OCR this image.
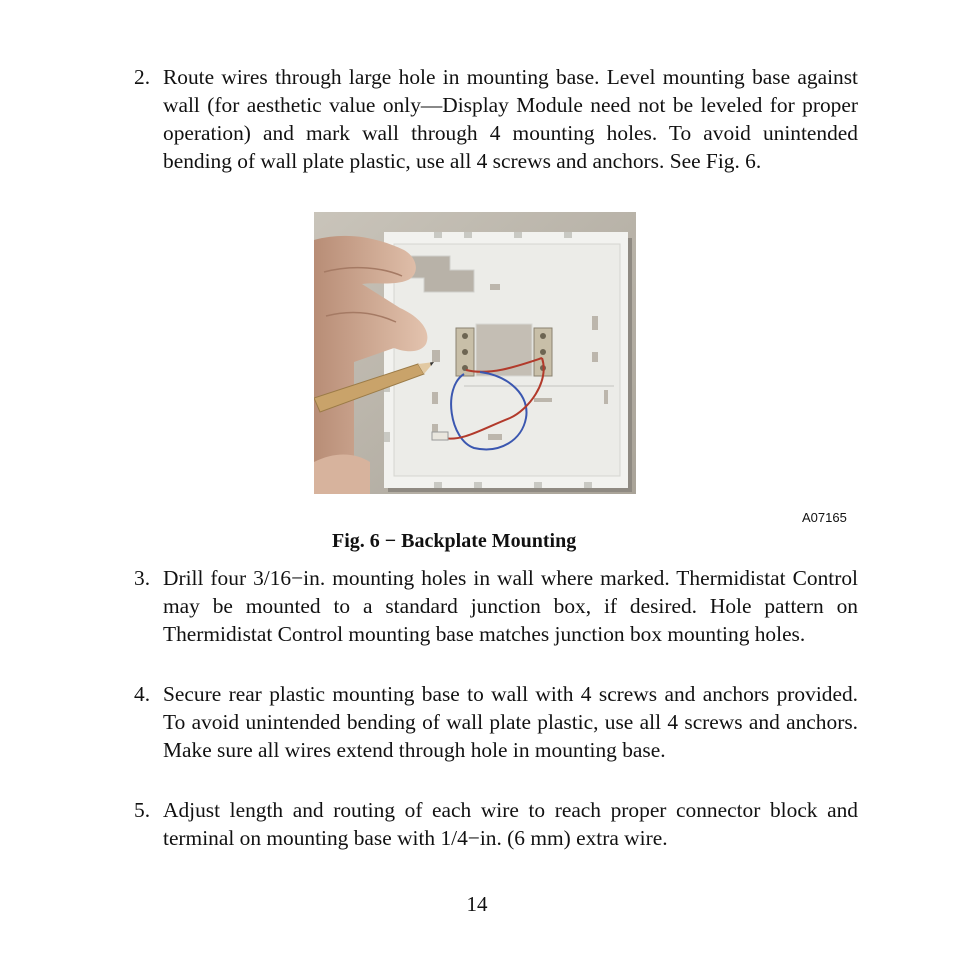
2. Route wires through large hole in mounting base. Level mounting base against wall (for aesthetic value only—Display Module need not be leveled for proper operation) and mark wall through 4 mounting holes. To avoid unintended bending of wall plate plastic, use all 4 screws and anchors. See Fig. 6.
A07165
Fig. 6 − Backplate Mounting
3. Drill four 3/16−in. mounting holes in wall where marked. Thermidistat Control may be mounted to a standard junction box, if desired. Hole pattern on Thermidistat Control mounting base matches junction box mounting holes.
4. Secure rear plastic mounting base to wall with 4 screws and anchors provided. To avoid unintended bending of wall plate plastic, use all 4 screws and anchors. Make sure all wires extend through hole in mounting base.
5. Adjust length and routing of each wire to reach proper connector block and terminal on mounting base with 1/4−in. (6 mm) extra wire.
14
